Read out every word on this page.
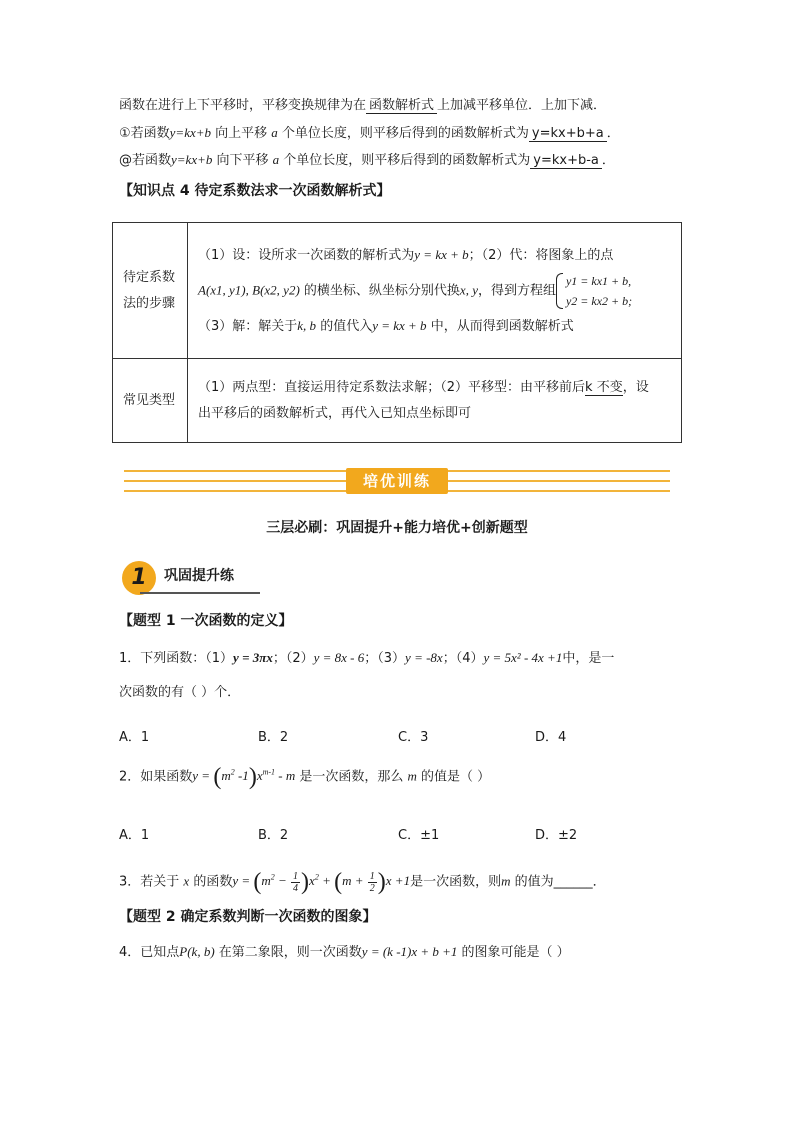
函数在进行上下平移时，平移变换规律为在 函数解析式 上加减平移单位．上加下减．
①若函数y=kx+b 向上平移 a 个单位长度，则平移后得到的函数解析式为 y=kx+b+a ．
@若函数y=kx+b 向下平移 a 个单位长度，则平移后得到的函数解析式为 y=kx+b-a ．
【知识点 4 待定系数法求一次函数解析式】
待定系数法的步骤	（1）设：设所求一次函数的解析式为y = kx + b；（2）代：将图象上的点
A(x1, y1), B(x2, y2) 的横坐标、纵坐标分别代换x, y，得到方程组
y1 = kx1 + b,
y2 = kx2 + b;
（3）解：解关于k, b 的值代入y = kx + b 中，从而得到函数解析式

常见类型	（1）两点型：直接运用待定系数法求解；（2）平移型：由平移前后k 不变，设
出平移后的函数解析式，再代入已知点坐标即可
培优训练
三层必刷：巩固提升+能力培优+创新题型
1	巩固提升练
【题型 1 一次函数的定义】
1．下列函数：（1）y = 3πx；（2）y = 8x - 6；（3）y = -8x；（4）y = 5x² - 4x +1中，是一
次函数的有（ ）个．
A．1	B．2	C．3	D．4
2．如果函数$y = (m^2$ $-1)x^{m-1}$ - m 是一次函数，那么 m 的值是（ ）
A．1	B．2	C．±1	D．±2
3．若关于 x 的函数$y = (m^2 - \frac{1}{4} )x^2 + (m + \frac{1}{2} )x +1$是一次函数，则m 的值为______．
【题型 2 确定系数判断一次函数的图象】
4．已知点P(k, b) 在第二象限，则一次函数y = (k -1)x + b +1 的图象可能是（ ）
